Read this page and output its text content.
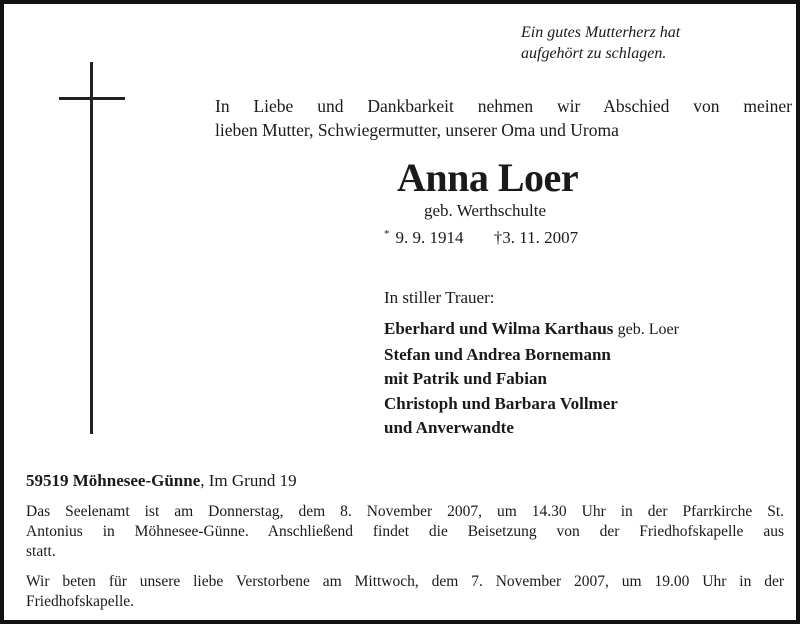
Ein gutes Mutterherz hat
aufgehört zu schlagen.
In Liebe und Dankbarkeit nehmen wir Abschied von meiner
lieben Mutter, Schwiegermutter, unserer Oma und Uroma
Anna Loer
geb. Werthschulte
* 9. 9. 1914 †3. 11. 2007
In stiller Trauer:
Eberhard und Wilma Karthaus geb. Loer
Stefan und Andrea Bornemann
mit Patrik und Fabian
Christoph und Barbara Vollmer
und Anverwandte
59519 Möhnesee-Günne, Im Grund 19
Das Seelenamt ist am Donnerstag, dem 8. November 2007, um 14.30 Uhr in der Pfarrkirche St.
Antonius in Möhnesee-Günne. Anschließend findet die Beisetzung von der Friedhofskapelle aus
statt.
Wir beten für unsere liebe Verstorbene am Mittwoch, dem 7. November 2007, um 19.00 Uhr in der
Friedhofskapelle.
